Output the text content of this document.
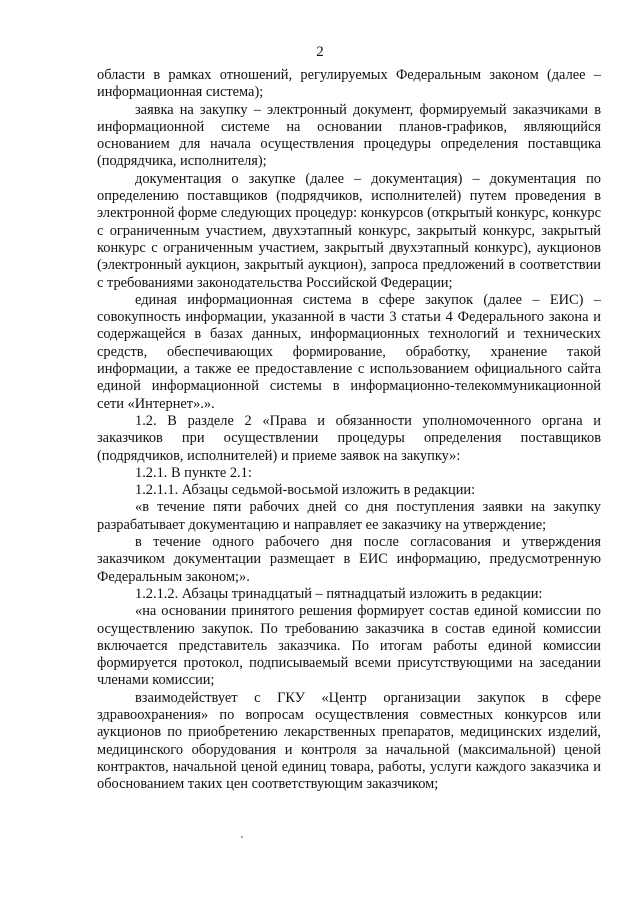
2

области в рамках отношений, регулируемых Федеральным законом (далее – информационная система);

заявка на закупку – электронный документ, формируемый заказчиками в информационной системе на основании планов-графиков, являющийся основанием для начала осуществления процедуры определения поставщика (подрядчика, исполнителя);

документация о закупке (далее – документация) – документация по определению поставщиков (подрядчиков, исполнителей) путем проведения в электронной форме следующих процедур: конкурсов (открытый конкурс, конкурс с ограниченным участием, двухэтапный конкурс, закрытый конкурс, закрытый конкурс с ограниченным участием, закрытый двухэтапный конкурс), аукционов (электронный аукцион, закрытый аукцион), запроса предложений в соответствии с требованиями законодательства Российской Федерации;

единая информационная система в сфере закупок (далее – ЕИС) – совокупность информации, указанной в части 3 статьи 4 Федерального закона и содержащейся в базах данных, информационных технологий и технических средств, обеспечивающих формирование, обработку, хранение такой информации, а также ее предоставление с использованием официального сайта единой информационной системы в информационно-телекоммуникационной сети «Интернет».».

1.2. В разделе 2 «Права и обязанности уполномоченного органа и заказчиков при осуществлении процедуры определения поставщиков (подрядчиков, исполнителей) и приеме заявок на закупку»:

1.2.1. В пункте 2.1:

1.2.1.1. Абзацы седьмой-восьмой изложить в редакции:

«в течение пяти рабочих дней со дня поступления заявки на закупку разрабатывает документацию и направляет ее заказчику на утверждение;

в течение одного рабочего дня после согласования и утверждения заказчиком документации размещает в ЕИС информацию, предусмотренную Федеральным законом;».

1.2.1.2. Абзацы тринадцатый – пятнадцатый изложить в редакции:

«на основании принятого решения формирует состав единой комиссии по осуществлению закупок. По требованию заказчика в состав единой комиссии включается представитель заказчика. По итогам работы единой комиссии формируется протокол, подписываемый всеми присутствующими на заседании членами комиссии;

взаимодействует с ГКУ «Центр организации закупок в сфере здравоохранения» по вопросам осуществления совместных конкурсов или аукционов по приобретению лекарственных препаратов, медицинских изделий, медицинского оборудования и контроля за начальной (максимальной) ценой контрактов, начальной ценой единиц товара, работы, услуги каждого заказчика и обоснованием таких цен соответствующим заказчиком;
